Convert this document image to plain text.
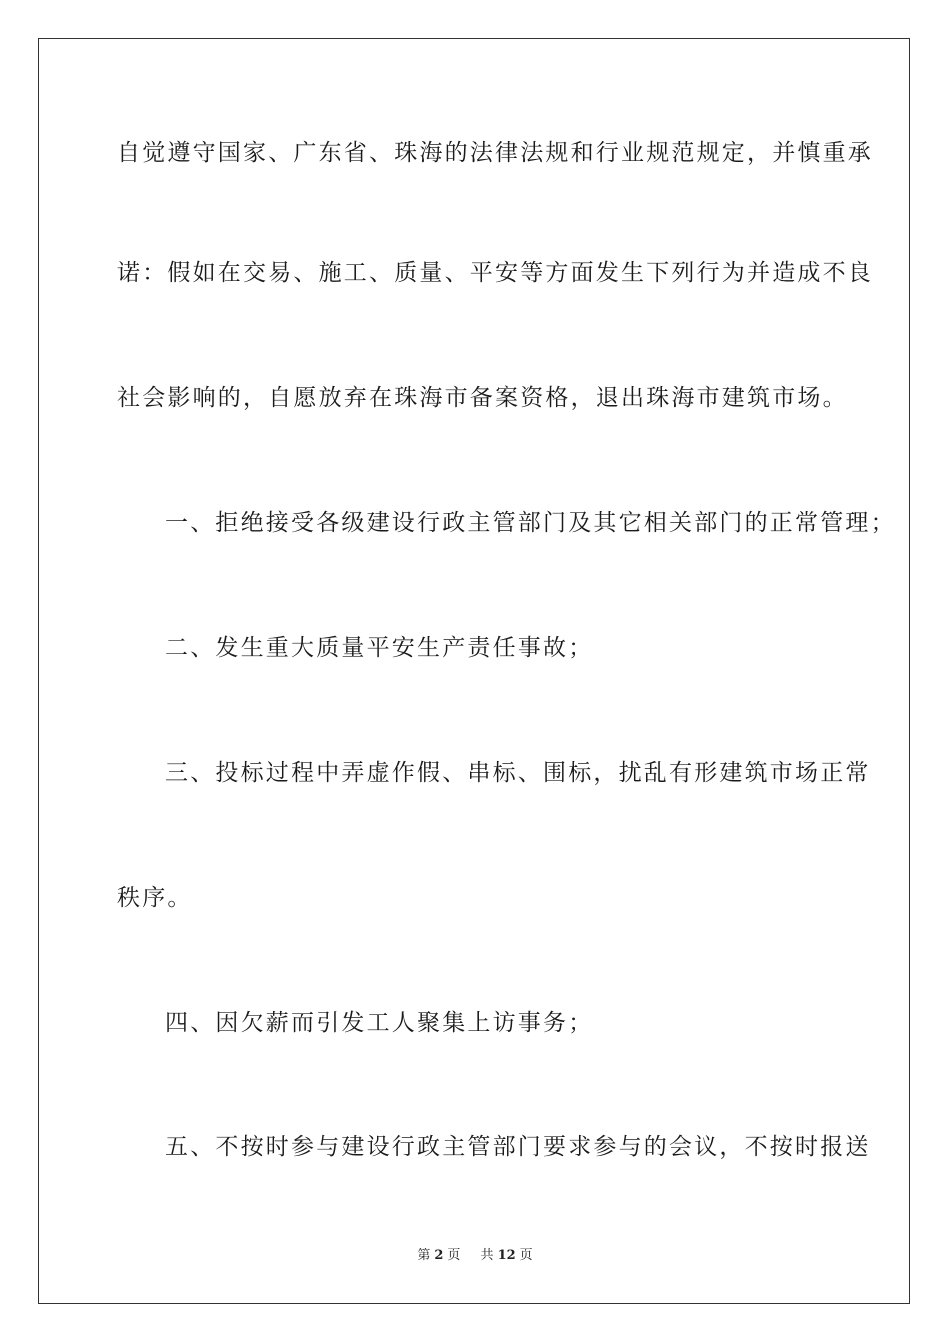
自觉遵守国家、广东省、珠海的法律法规和行业规范规定，并慎重承
诺：假如在交易、施工、质量、平安等方面发生下列行为并造成不良
社会影响的，自愿放弃在珠海市备案资格，退出珠海市建筑市场。
一、拒绝接受各级建设行政主管部门及其它相关部门的正常管理；
二、发生重大质量平安生产责任事故；
三、投标过程中弄虚作假、串标、围标，扰乱有形建筑市场正常
秩序。
四、因欠薪而引发工人聚集上访事务；
五、不按时参与建设行政主管部门要求参与的会议，不按时报送
第 2 页 共 12 页
